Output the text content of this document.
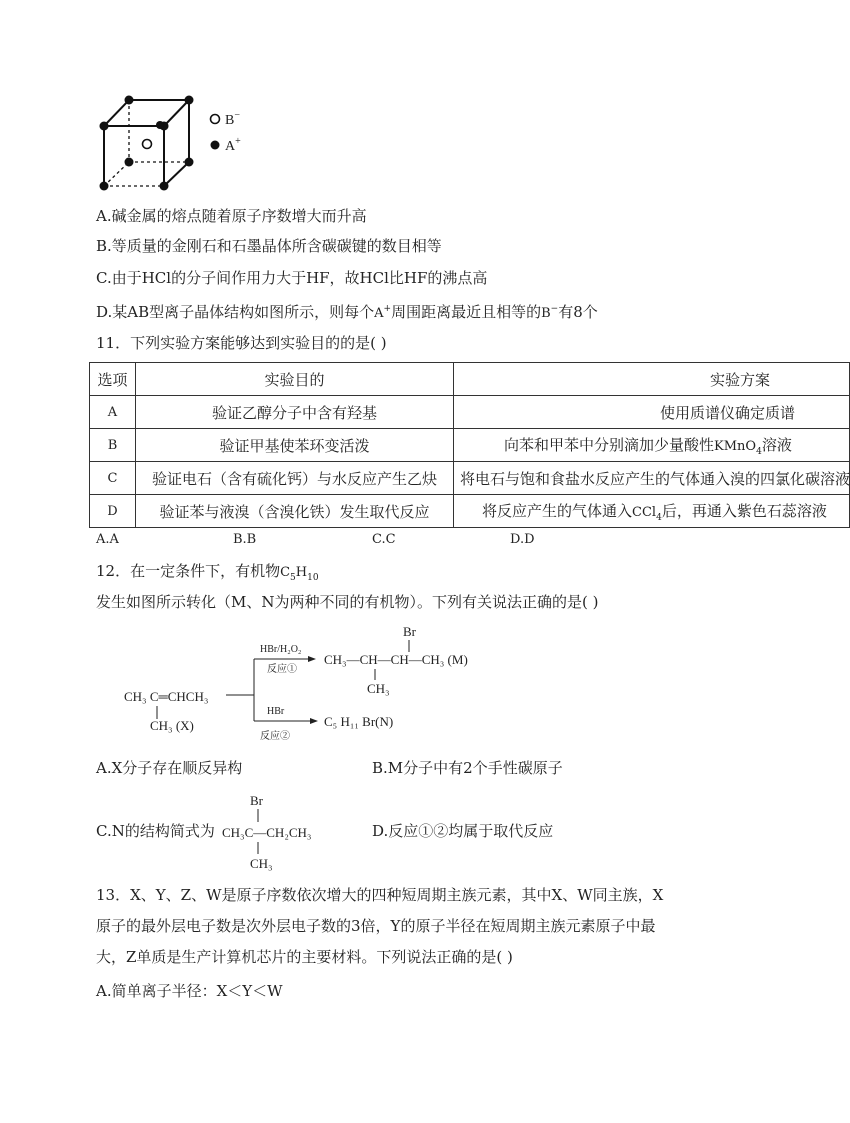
B−
A+
A.碱金属的熔点随着原子序数增大而升高
B.等质量的金刚石和石墨晶体所含碳碳键的数目相等
C.由于HCl的分子间作用力大于HF，故HCl比HF的沸点高
D.某AB型离子晶体结构如图所示，则每个A+周围距离最近且相等的B−有8个
11．下列实验方案能够达到实验目的的是( )
选项	实验目的	实验方案
A	验证乙醇分子中含有羟基	使用质谱仪确定质谱
B	验证甲基使苯环变活泼	向苯和甲苯中分别滴加少量酸性KMnO$_4$溶液
C	验证电石（含有硫化钙）与水反应产生乙炔	将电石与饱和食盐水反应产生的气体通入溴的四氯化碳溶液
D	验证苯与液溴（含溴化铁）发生取代反应	将反应产生的气体通入CCl$_4$后，再通入紫色石蕊溶液
A.A	B.B	C.C	D.D
12．在一定条件下，有机物$C_5H_{10}$
发生如图所示转化（M、N为两种不同的有机物）。下列有关说法正确的是( )
CH₃ C═CHCH₃
CH₃ (X)
HBr/H₂O₂
反应①
CH₃—CH—CH—CH₃ (M)
Br
CH₃
HBr
反应②
C₅ H₁₁ Br(N)
A.X分子存在顺反异构	B.M分子中有2个手性碳原子
C.N的结构简式为
Br
CH₃C—CH₂CH₃
CH₃
D.反应①②均属于取代反应
13．X、Y、Z、W是原子序数依次增大的四种短周期主族元素，其中X、W同主族，X
原子的最外层电子数是次外层电子数的3倍，Y的原子半径在短周期主族元素原子中最
大，Z单质是生产计算机芯片的主要材料。下列说法正确的是( )
A.简单离子半径：X＜Y＜W
